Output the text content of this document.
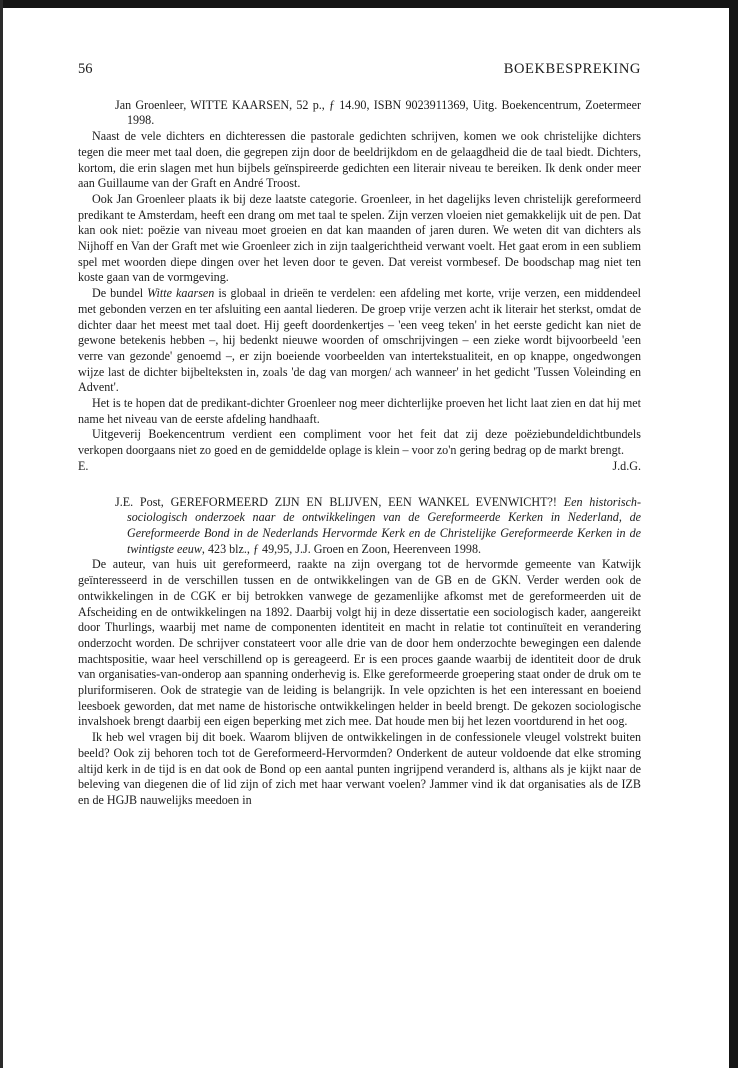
56	BOEKBESPREKING
Jan Groenleer, WITTE KAARSEN, 52 p., ƒ 14.90, ISBN 9023911369, Uitg. Boekencentrum, Zoetermeer 1998.

Naast de vele dichters en dichteressen die pastorale gedichten schrijven, komen we ook christelijke dichters tegen die meer met taal doen, die gegrepen zijn door de beeldrijkdom en de gelaagdheid die de taal biedt. Dichters, kortom, die erin slagen met hun bijbels geïnspireerde gedichten een literair niveau te bereiken. Ik denk onder meer aan Guillaume van der Graft en André Troost.

Ook Jan Groenleer plaats ik bij deze laatste categorie. Groenleer, in het dagelijks leven christelijk gereformeerd predikant te Amsterdam, heeft een drang om met taal te spelen. Zijn verzen vloeien niet gemakkelijk uit de pen. Dat kan ook niet: poëzie van niveau moet groeien en dat kan maanden of jaren duren. We weten dit van dichters als Nijhoff en Van der Graft met wie Groenleer zich in zijn taalgerichtheid verwant voelt. Het gaat erom in een subliem spel met woorden diepe dingen over het leven door te geven. Dat vereist vormbesef. De boodschap mag niet ten koste gaan van de vormgeving.

De bundel Witte kaarsen is globaal in drieën te verdelen: een afdeling met korte, vrije verzen, een middendeel met gebonden verzen en ter afsluiting een aantal liederen. De groep vrije verzen acht ik literair het sterkst, omdat de dichter daar het meest met taal doet. Hij geeft doordenkertjes – 'een veeg teken' in het eerste gedicht kan niet de gewone betekenis hebben –, hij bedenkt nieuwe woorden of omschrijvingen – een zieke wordt bijvoorbeeld 'een verre van gezonde' genoemd –, er zijn boeiende voorbeelden van intertekstualiteit, en op knappe, ongedwongen wijze last de dichter bijbelteksten in, zoals 'de dag van morgen/ ach wanneer' in het gedicht 'Tussen Voleinding en Advent'.

Het is te hopen dat de predikant-dichter Groenleer nog meer dichterlijke proeven het licht laat zien en dat hij met name het niveau van de eerste afdeling handhaaft.

Uitgeverij Boekencentrum verdient een compliment voor het feit dat zij deze poëziebundeldichtbundels verkopen doorgaans niet zo goed en de gemiddelde oplage is klein – voor zo'n gering bedrag op de markt brengt.

E.	J.d.G.
J.E. Post, GEREFORMEERD ZIJN EN BLIJVEN, EEN WANKEL EVENWICHT?! Een historisch-sociologisch onderzoek naar de ontwikkelingen van de Gereformeerde Kerken in Nederland, de Gereformeerde Bond in de Nederlands Hervormde Kerk en de Christelijke Gereformeerde Kerken in de twintigste eeuw, 423 blz., ƒ 49,95, J.J. Groen en Zoon, Heerenveen 1998.

De auteur, van huis uit gereformeerd, raakte na zijn overgang tot de hervormde gemeente van Katwijk geïnteresseerd in de verschillen tussen en de ontwikkelingen van de GB en de GKN. Verder werden ook de ontwikkelingen in de CGK er bij betrokken vanwege de gezamenlijke afkomst met de gereformeerden uit de Afscheiding en de ontwikkelingen na 1892. Daarbij volgt hij in deze dissertatie een sociologisch kader, aangereikt door Thurlings, waarbij met name de componenten identiteit en macht in relatie tot continuïteit en verandering onderzocht worden. De schrijver constateert voor alle drie van de door hem onderzochte bewegingen een dalende machtspositie, waar heel verschillend op is gereageerd. Er is een proces gaande waarbij de identiteit door de druk van organisaties-van-onderop aan spanning onderhevig is. Elke gereformeerde groepering staat onder de druk om te pluriformiseren. Ook de strategie van de leiding is belangrijk. In vele opzichten is het een interessant en boeiend leesboek geworden, dat met name de historische ontwikkelingen helder in beeld brengt. De gekozen sociologische invalshoek brengt daarbij een eigen beperking met zich mee. Dat houde men bij het lezen voortdurend in het oog.

Ik heb wel vragen bij dit boek. Waarom blijven de ontwikkelingen in de confessionele vleugel volstrekt buiten beeld? Ook zij behoren toch tot de Gereformeerd-Hervormden? Onderkent de auteur voldoende dat elke stroming altijd kerk in de tijd is en dat ook de Bond op een aantal punten ingrijpend veranderd is, althans als je kijkt naar de beleving van diegenen die of lid zijn of zich met haar verwant voelen? Jammer vind ik dat organisaties als de IZB en de HGJB nauwelijks meedoen in
